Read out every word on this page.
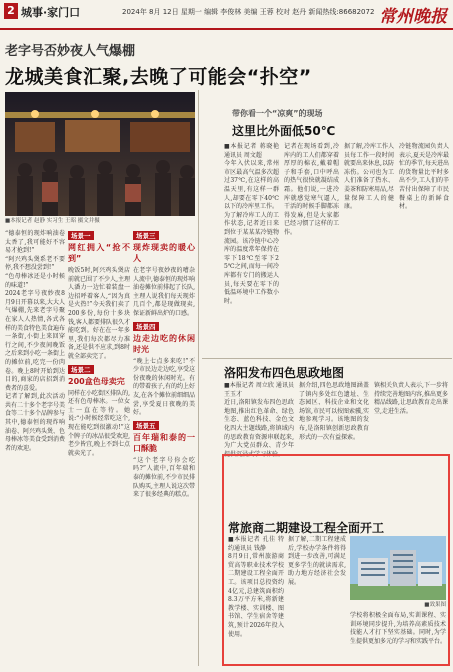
2 城事·家门口	2024年 8月 12日 星期一 编辑 李俊林 美编 王蓉 校对 赵丹 新闻热线:86682072 常州晚报
老字号否妙夜人气爆棚
龙城美食汇聚,去晚了可能会“扑空”
■本报记者 赵静 实习生 王昭 摄文并摄

“德泰恒的现炸响油卷太香了,我可能好不容易才抢到!”

“阿兴鸡头煲系老不要停,我不想没尝到!”

“色母棒冰还是小时候的味道!”

2024老字号夜妙夜8月9日开幕以来,大大人气爆棚,先来老字号聚在家人人热情,各式各样的美食特色美食遍布一条街,小街上来回穿行之间,不少夜间晚饭之后来到小吃一条街上的摊位前,吃完一份肉卷。晚上8时开始到达目的,商家的店招到消费者的喜爱。

记者了解到,此次活动共有二十多个老字号美食等二十多个品牌参与其中,德泰恒的现炸响油卷、阿兴鸡头煲、色母棒冰等美食受到消费者的欢迎。

场景一
网红拥入“抢不到”

晚饭5时,阿兴鸡头煲店前就已围了不少人,主理人潘力一边忙着装盘一边招呼着客人,“因为真是火热!”今天我们卖了200多份,每份十多块钱,客人都要排队很久才能吃到。好在在一年多里,我们每次都尽力准备,还是供不应求,到8时就全部卖完了。

场景二
200盒色母卖完

同样在小吃街区排队的,还有色母棒冰。一位女士一直在等待。她说:“小时候经常吃这个,现在能吃到很激动!”这个牌子的冰品很受欢迎,老少皆宜,晚上不到七点就卖光了。

场景三
现炸现卖的暖心人

在老字号夜妙夜的嘈杂人流中,德泰恒的现炸响油卷摊位前排起了长队,主理人说我们每天现炸几百个,都是现做现卖,保证新鲜出炉的口感。

场景四
边走边吃的休闲时光

“晚上七点多来吃!”不少市民边走边吃,享受这份夜晚的休闲时光。有的带着孩子,有的约上好友,在各个摊位前细细品尝,享受夏日夜晚的美好。

场景五
百年瑞和泰的一口酥脆

“这个老字号你会吃吗?”人流中,百年瑞和泰的摊位前,不少市民排队购买,主理人说这次带来了很多经典的糕点。

带你看一个“凉爽”的现场
这里比外面低50℃

■本报记者 蒋晓艳 通讯员 周文超

今年入伏以来,常州市区最高气温多次超过37℃,在这样的高温天里,有这样一群人,却要在零下40℃以下的冷库里工作。

为了解冷库工人的工作状态,记者近日来到位于某某某冷链物流园。该冷链中心冷库的温度常年保持在零下18℃至零下25℃之间,而每一间冷库都有专门的搬运人员,每天要在零下的低温环境中工作数小时。

记者在现场看到,冷库内的工人们都穿着厚厚的棉衣,戴着帽子和手套,口中呼出的热气很快就凝结成霜。他们说,一进冷库就感觉寒气逼人,干活的时候手脚都冻得发麻,但是大家都已经习惯了这样的工作。

据了解,冷库工作人员每工作一段时间就要出来休息,以防冻伤。公司也为工人们准备了热水、姜茶和防寒用品,尽量保障工人的健康。

冷链物流园负责人表示,夏天是冷库最忙的季节,每天进出的货物量比平时多出不少,工人们的辛苦付出保障了市民餐桌上的新鲜食材。

洛阳发布四色思政地图

■本报记者 周立欣 通讯员 王玉才

近日,洛阳镇发布四色思政地图,推出红色革命、绿色生态、蓝色科技、金色文化四大主题线路,将镇域内的思政教育资源串联起来,为广大党员群众、青少年提供沉浸式学习体验。

据介绍,四色思政地图涵盖了镇内多处红色遗址、生态园区、科技企业和文化场馆,市民可以按图索骥,实地参观学习。该地图的发布,是洛阳镇创新思政教育形式的一次有益探索。

镇相关负责人表示,下一步将持续完善地图内容,推出更多精品线路,让思政教育走出课堂,走进生活。

常旅商二期建设工程全面开工

■本报记者 孔佳 特约通讯员 钱静

8月9日,常州旅游商贸高等职业技术学校二期建设工程全面开工。该项目总投资约4亿元,总建筑面积约8.3万平方米,将新建教学楼、实训楼、图书馆、学生宿舍等建筑,预计2026年投入使用。

据了解,二期工程建成后,学校办学条件将得到进一步改善,可满足更多学生的就读需求,助力地方经济社会发展。

■效果图
学校将积极全面布局,实训课程、实训环境同步提升,为培养高素质技术技能人才打下坚实基础。同时,为学生提供更加多元的学习和实践平台。
